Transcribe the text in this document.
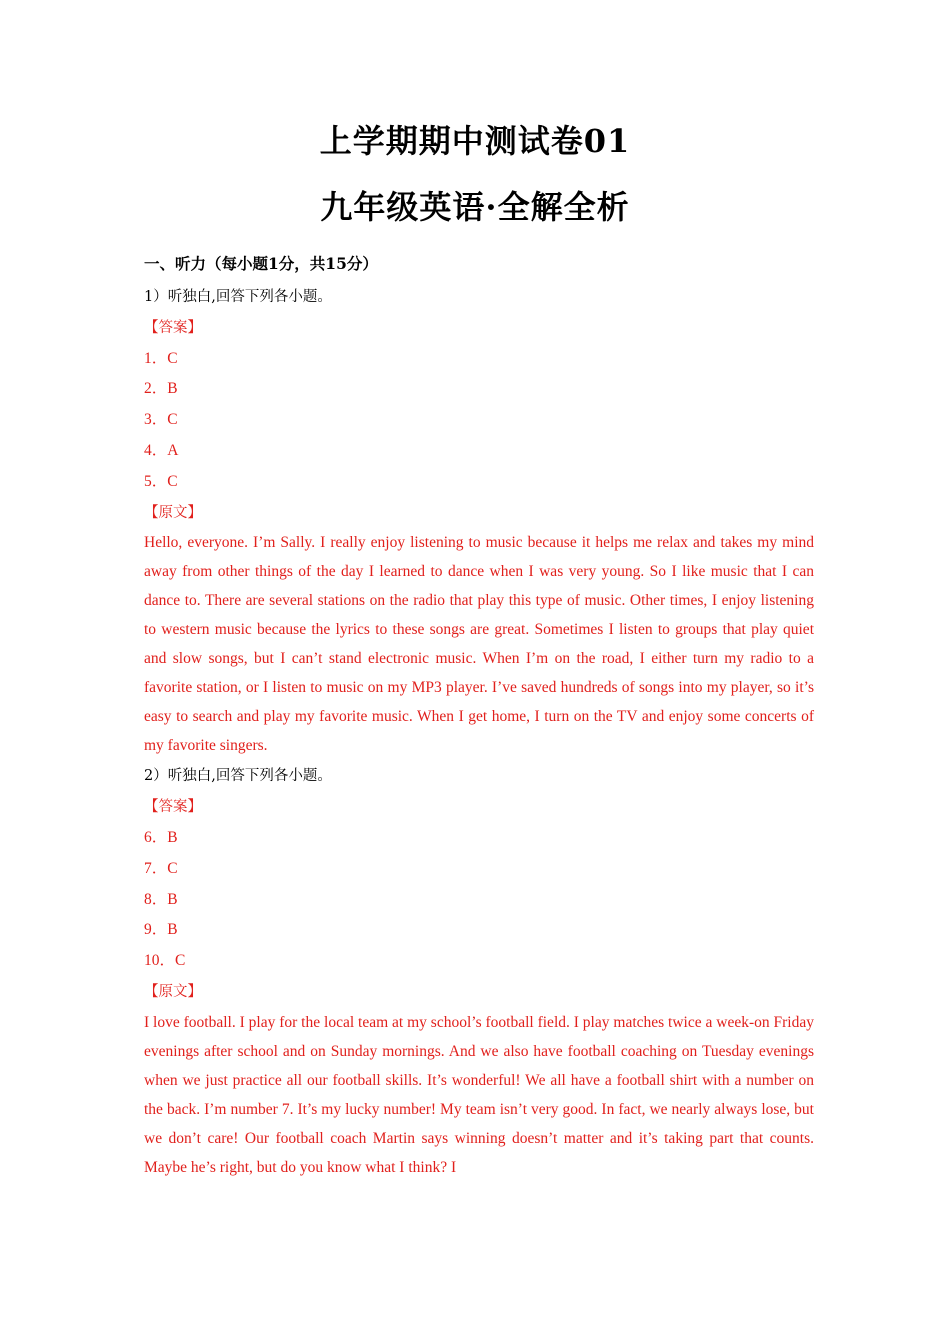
上学期期中测试卷01
九年级英语·全解全析
一、听力（每小题1分，共15分）
1）听独白,回答下列各小题。
【答案】
1．C
2．B
3．C
4．A
5．C
【原文】
Hello, everyone. I’m Sally. I really enjoy listening to music because it helps me relax and takes my mind away from other things of the day I learned to dance when I was very young. So I like music that I can dance to. There are several stations on the radio that play this type of music. Other times, I enjoy listening to western music because the lyrics to these songs are great. Sometimes I listen to groups that play quiet and slow songs, but I can’t stand electronic music. When I’m on the road, I either turn my radio to a favorite station, or I listen to music on my MP3 player. I’ve saved hundreds of songs into my player, so it’s easy to search and play my favorite music. When I get home, I turn on the TV and enjoy some concerts of my favorite singers.
2）听独白,回答下列各小题。
【答案】
6．B
7．C
8．B
9．B
10．C
【原文】
I love football. I play for the local team at my school’s football field. I play matches twice a week-on Friday evenings after school and on Sunday mornings. And we also have football coaching on Tuesday evenings when we just practice all our football skills. It’s wonderful! We all have a football shirt with a number on the back. I’m number 7. It’s my lucky number! My team isn’t very good. In fact, we nearly always lose, but we don’t care! Our football coach Martin says winning doesn’t matter and it’s taking part that counts. Maybe he’s right, but do you know what I think? I
